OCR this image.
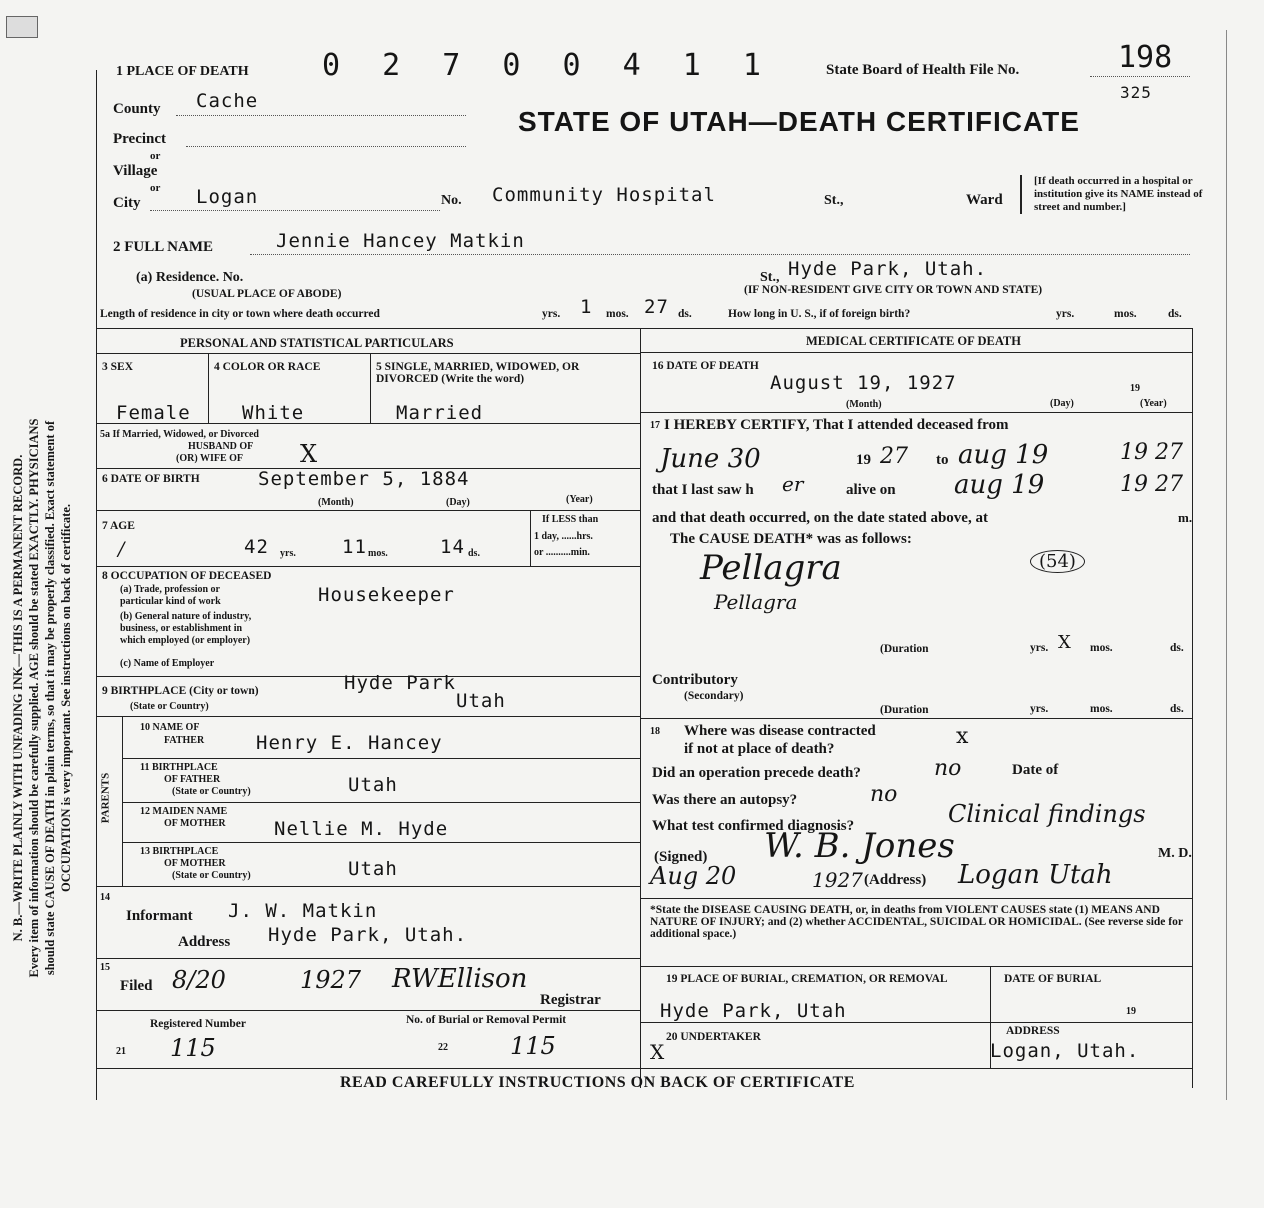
N. B.—WRITE PLAINLY WITH UNFADING INK—THIS IS A PERMANENT RECORD. Every item of information should be carefully supplied. AGE should be stated EXACTLY. PHYSICIANS should state CAUSE OF DEATH in plain terms, so that it may be properly classified. Exact statement of OCCUPATION is very important. See instructions on back of certificate.
1 PLACE OF DEATH 0 2 7 0 0 4 1 1	State Board of Health File No.	198
325
STATE OF UTAH—DEATH CERTIFICATE
County Cache
Precinct
or
Village
or
City	Logan	No. Community Hospital	St.,	Ward
[If death occurred in a hospital or institution give its NAME instead of street and number.]
2 FULL NAME	Jennie Hancey Matkin
(a) Residence. No.
(USUAL PLACE OF ABODE)
St., Hyde Park, Utah.
(IF NON-RESIDENT GIVE CITY OR TOWN AND STATE)
Length of residence in city or town where death occurred	yrs. 1 mos. 27 ds.	How long in U. S., if of foreign birth?	yrs.	mos.	ds.
PERSONAL AND STATISTICAL PARTICULARS
3 SEX	4 COLOR OR RACE	5 SINGLE, MARRIED, WIDOWED, OR DIVORCED (Write the word)
Female	White	Married
5a If Married, Widowed, or Divorced
HUSBAND OF
(OR) WIFE OF X
6 DATE OF BIRTH	September 5, 1884
(Month)	(Day)	(Year)
7 AGE
/	42 yrs. 11 mos.	14 ds.
If LESS than
1 day, ......hrs.
or ..........min.
8 OCCUPATION OF DECEASED
(a) Trade, profession or
particular kind of work	Housekeeper
(b) General nature of industry,
business, or establishment in
which employed (or employer)
(c) Name of Employer
9 BIRTHPLACE (City or town)
(State or Country)
Hyde Park
Utah
PARENTS
10 NAME OF
FATHER	Henry E. Hancey
11 BIRTHPLACE
OF FATHER
(State or Country)	Utah
12 MAIDEN NAME
OF MOTHER	Nellie M. Hyde
13 BIRTHPLACE
OF MOTHER
(State or Country)	Utah
14
Informant J. W. Matkin
Address Hyde Park, Utah.
15
Filed 8/20	1927 RWEllison
Registrar
Registered Number	No. of Burial or Removal Permit
21 115	22	115
MEDICAL CERTIFICATE OF DEATH
16 DATE OF DEATH
August 19, 1927	19
(Month)	(Day)	(Year)
17 I HEREBY CERTIFY, That I attended deceased from
June 30	19 27 to aug 19	19 27
that I last saw h er	alive on aug 19	19 27
and that death occurred, on the date stated above, at	m.
The CAUSE DEATH* was as follows:
Pellagra	(54)
Pellagra
(Duration	yrs. X mos.	ds.
Contributory
(Secondary)
(Duration	yrs.	mos.	ds.
18 Where was disease contracted
if not at place of death?	x
Did an operation precede death?	no	Date of
Was there an autopsy?	no
What test confirmed diagnosis?	Clinical findings
(Signed) W. B. Jones	M. D.
Aug 20	1927 (Address) Logan Utah
*State the DISEASE CAUSING DEATH, or, in deaths from VIOLENT CAUSES state (1) MEANS AND NATURE OF INJURY; and (2) whether ACCIDENTAL, SUICIDAL OR HOMICIDAL. (See reverse side for additional space.)
19 PLACE OF BURIAL, CREMATION, OR REMOVAL
Hyde Park, Utah
DATE OF BURIAL
19
20 UNDERTAKER
X
ADDRESS
Logan, Utah.
READ CAREFULLY INSTRUCTIONS ON BACK OF CERTIFICATE
